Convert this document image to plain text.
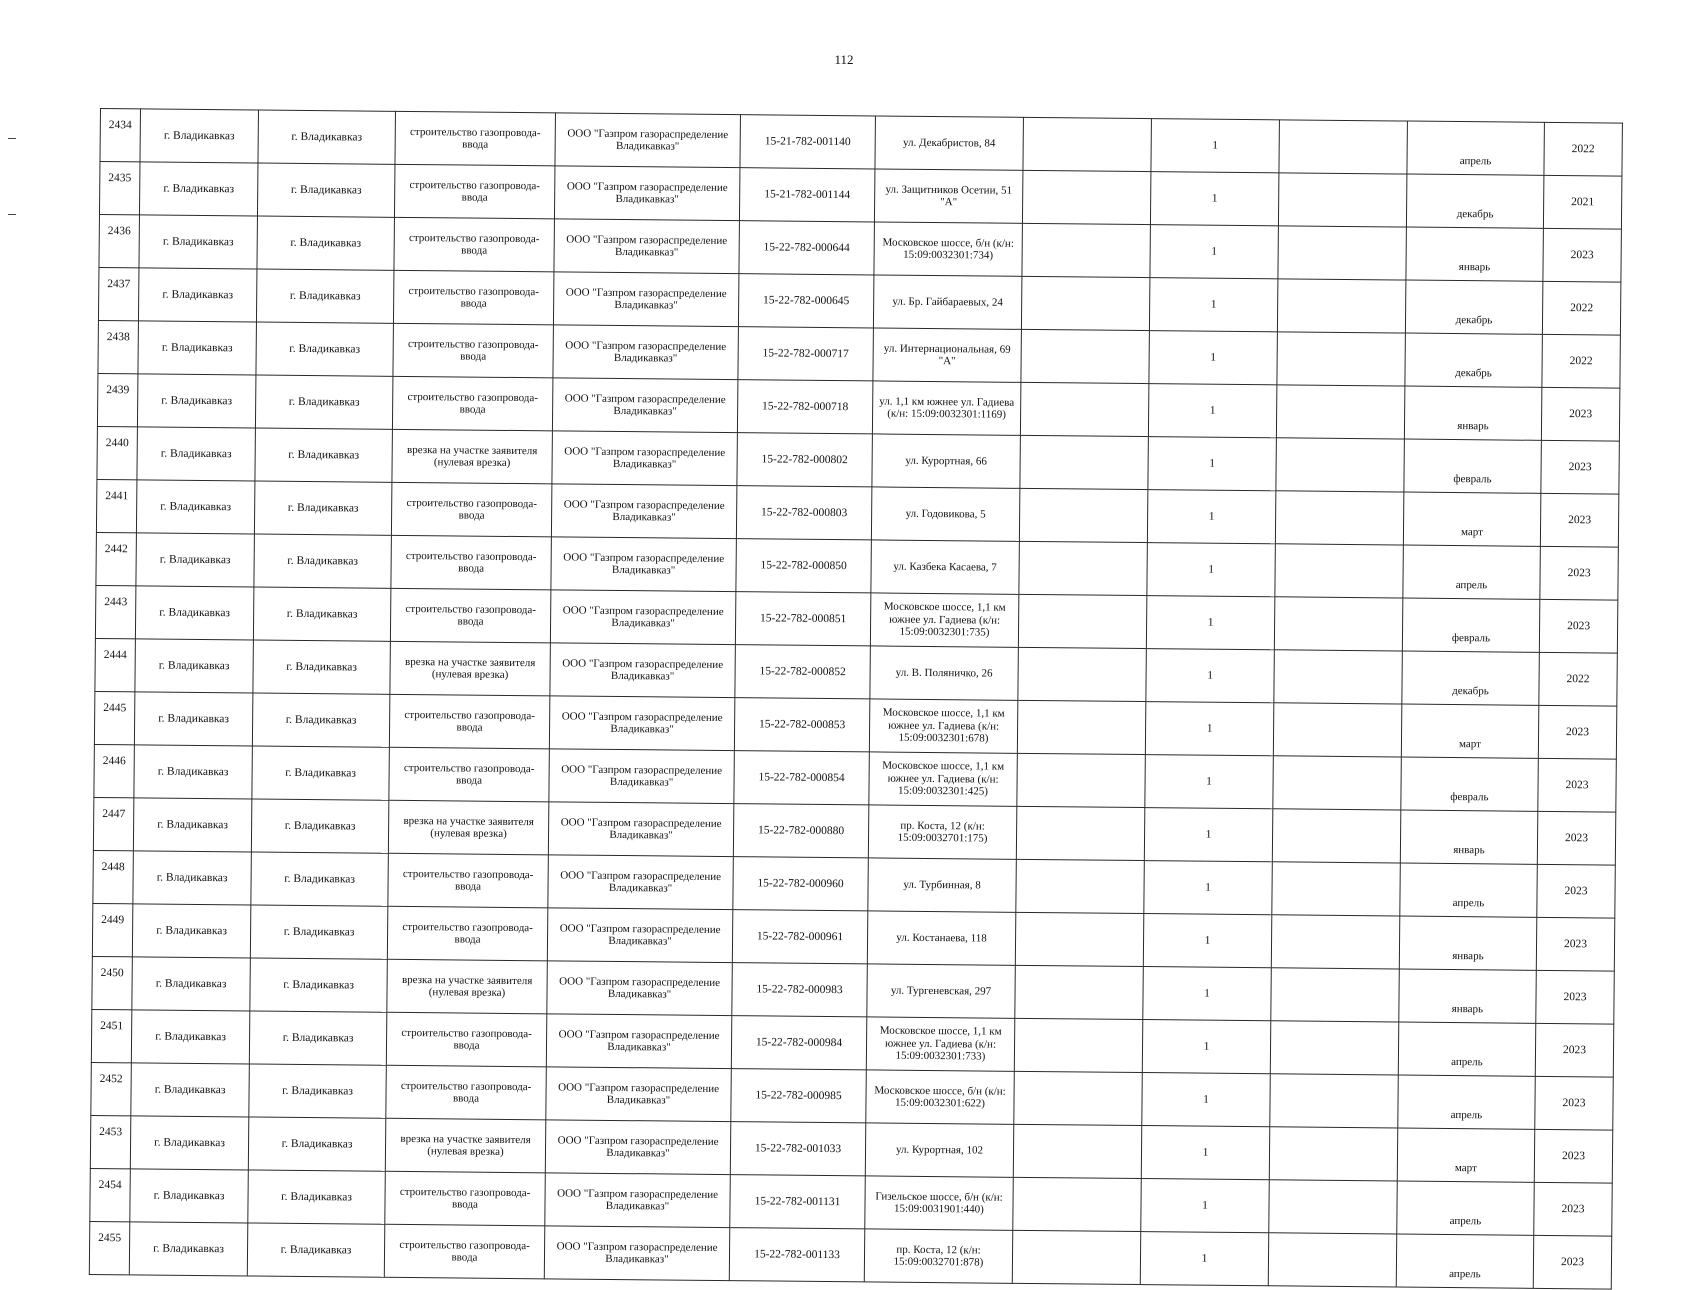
112
2434	г. Владикавказ	г. Владикавказ	строительство газопровода-ввода	ООО "Газпром газораспределение Владикавказ"	15-21-782-001140	ул. Декабристов, 84		1		апрель	2022
2435	г. Владикавказ	г. Владикавказ	строительство газопровода-ввода	ООО "Газпром газораспределение Владикавказ"	15-21-782-001144	ул. Защитников Осетии, 51 "А"		1		декабрь	2021
2436	г. Владикавказ	г. Владикавказ	строительство газопровода-ввода	ООО "Газпром газораспределение Владикавказ"	15-22-782-000644	Московское шоссе, б/н (к/н: 15:09:0032301:734)		1		январь	2023
2437	г. Владикавказ	г. Владикавказ	строительство газопровода-ввода	ООО "Газпром газораспределение Владикавказ"	15-22-782-000645	ул. Бр. Гайбараевых, 24		1		декабрь	2022
2438	г. Владикавказ	г. Владикавказ	строительство газопровода-ввода	ООО "Газпром газораспределение Владикавказ"	15-22-782-000717	ул. Интернациональная, 69 "А"		1		декабрь	2022
2439	г. Владикавказ	г. Владикавказ	строительство газопровода-ввода	ООО "Газпром газораспределение Владикавказ"	15-22-782-000718	ул. 1,1 км южнее ул. Гадиева (к/н: 15:09:0032301:1169)		1		январь	2023
2440	г. Владикавказ	г. Владикавказ	врезка на участке заявителя (нулевая врезка)	ООО "Газпром газораспределение Владикавказ"	15-22-782-000802	ул. Курортная, 66		1		февраль	2023
2441	г. Владикавказ	г. Владикавказ	строительство газопровода-ввода	ООО "Газпром газораспределение Владикавказ"	15-22-782-000803	ул. Годовикова, 5		1		март	2023
2442	г. Владикавказ	г. Владикавказ	строительство газопровода-ввода	ООО "Газпром газораспределение Владикавказ"	15-22-782-000850	ул. Казбека Касаева, 7		1		апрель	2023
2443	г. Владикавказ	г. Владикавказ	строительство газопровода-ввода	ООО "Газпром газораспределение Владикавказ"	15-22-782-000851	Московское шоссе, 1,1 км южнее ул. Гадиева (к/н: 15:09:0032301:735)		1		февраль	2023
2444	г. Владикавказ	г. Владикавказ	врезка на участке заявителя (нулевая врезка)	ООО "Газпром газораспределение Владикавказ"	15-22-782-000852	ул. В. Поляничко, 26		1		декабрь	2022
2445	г. Владикавказ	г. Владикавказ	строительство газопровода-ввода	ООО "Газпром газораспределение Владикавказ"	15-22-782-000853	Московское шоссе, 1,1 км южнее ул. Гадиева (к/н: 15:09:0032301:678)		1		март	2023
2446	г. Владикавказ	г. Владикавказ	строительство газопровода-ввода	ООО "Газпром газораспределение Владикавказ"	15-22-782-000854	Московское шоссе, 1,1 км южнее ул. Гадиева (к/н: 15:09:0032301:425)		1		февраль	2023
2447	г. Владикавказ	г. Владикавказ	врезка на участке заявителя (нулевая врезка)	ООО "Газпром газораспределение Владикавказ"	15-22-782-000880	пр. Коста, 12 (к/н: 15:09:0032701:175)		1		январь	2023
2448	г. Владикавказ	г. Владикавказ	строительство газопровода-ввода	ООО "Газпром газораспределение Владикавказ"	15-22-782-000960	ул. Турбинная, 8		1		апрель	2023
2449	г. Владикавказ	г. Владикавказ	строительство газопровода-ввода	ООО "Газпром газораспределение Владикавказ"	15-22-782-000961	ул. Костанаева, 118		1		январь	2023
2450	г. Владикавказ	г. Владикавказ	врезка на участке заявителя (нулевая врезка)	ООО "Газпром газораспределение Владикавказ"	15-22-782-000983	ул. Тургеневская, 297		1		январь	2023
2451	г. Владикавказ	г. Владикавказ	строительство газопровода-ввода	ООО "Газпром газораспределение Владикавказ"	15-22-782-000984	Московское шоссе, 1,1 км южнее ул. Гадиева (к/н: 15:09:0032301:733)		1		апрель	2023
2452	г. Владикавказ	г. Владикавказ	строительство газопровода-ввода	ООО "Газпром газораспределение Владикавказ"	15-22-782-000985	Московское шоссе, б/н (к/н: 15:09:0032301:622)		1		апрель	2023
2453	г. Владикавказ	г. Владикавказ	врезка на участке заявителя (нулевая врезка)	ООО "Газпром газораспределение Владикавказ"	15-22-782-001033	ул. Курортная, 102		1		март	2023
2454	г. Владикавказ	г. Владикавказ	строительство газопровода-ввода	ООО "Газпром газораспределение Владикавказ"	15-22-782-001131	Гизельское шоссе, б/н (к/н: 15:09:0031901:440)		1		апрель	2023
2455	г. Владикавказ	г. Владикавказ	строительство газопровода-ввода	ООО "Газпром газораспределение Владикавказ"	15-22-782-001133	пр. Коста, 12 (к/н: 15:09:0032701:878)		1		апрель	2023
